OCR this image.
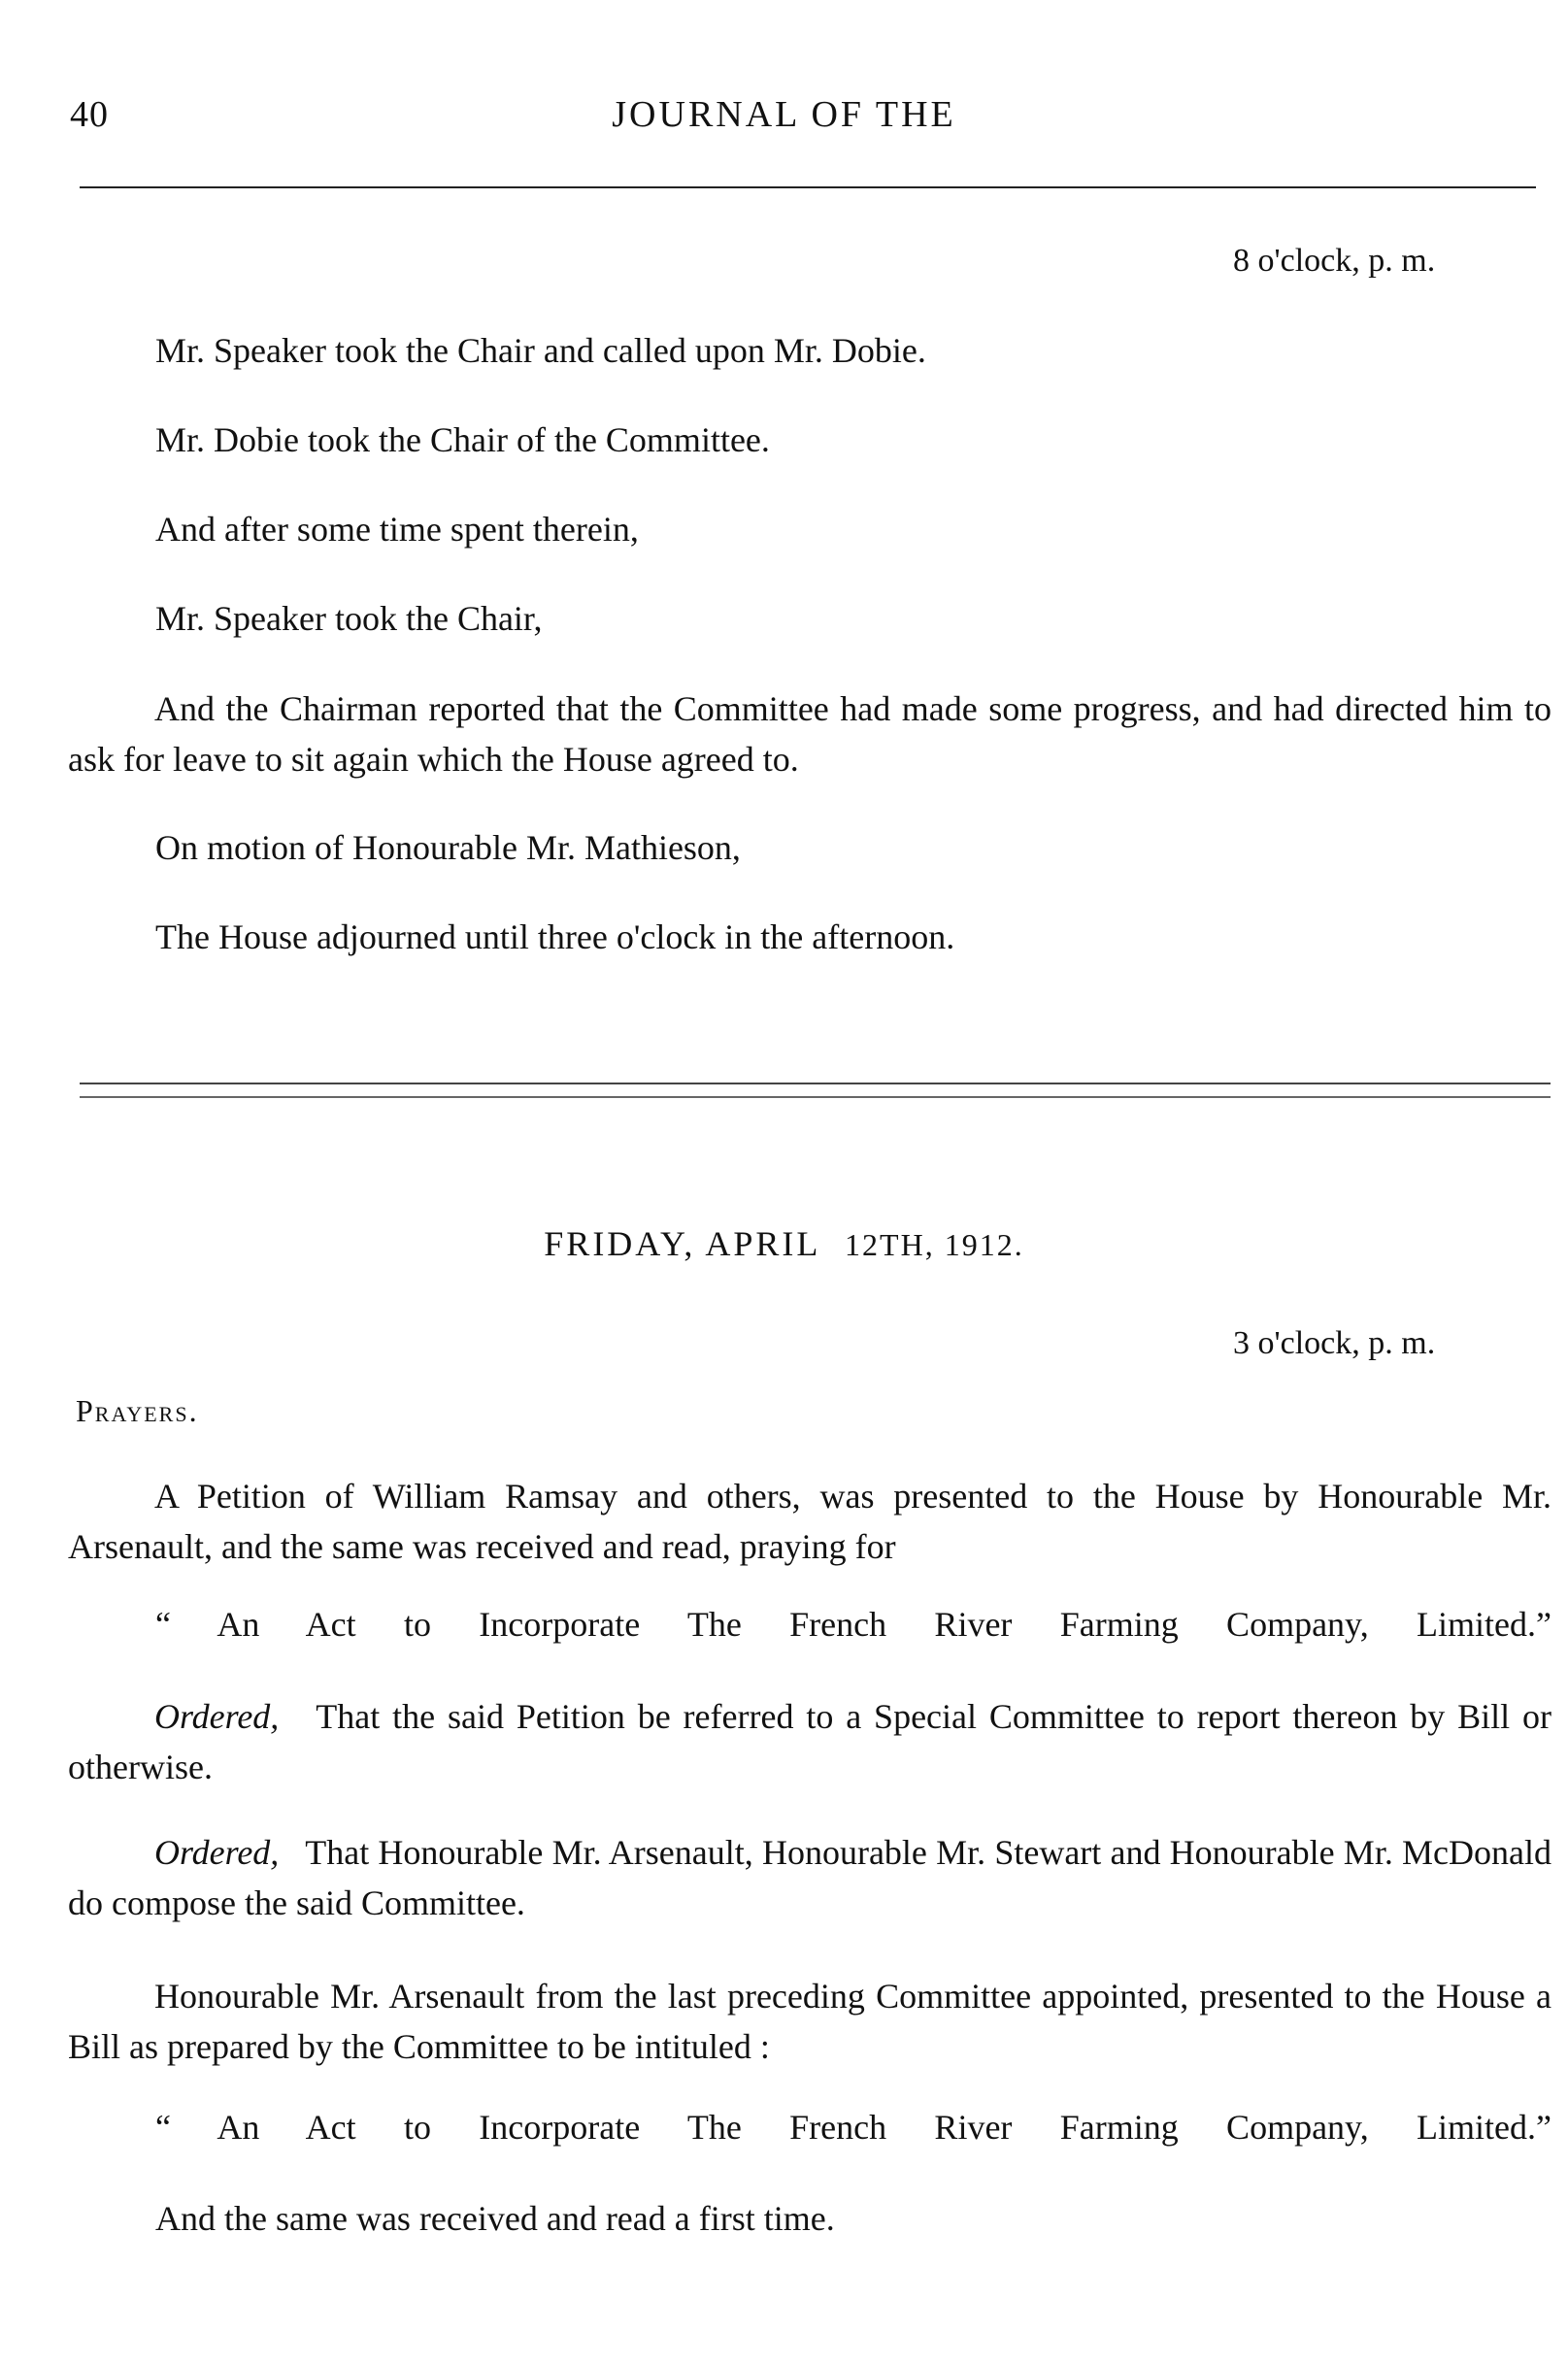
JOURNAL OF THE
40
8 o'clock, p. m.
Mr. Speaker took the Chair and called upon Mr. Dobie.
Mr. Dobie took the Chair of the Committee.
And after some time spent therein,
Mr. Speaker took the Chair,
And the Chairman reported that the Committee had made some progress, and had directed him to ask for leave to sit again which the House agreed to.
On motion of Honourable Mr. Mathieson,
The House adjourned until three o'clock in the afternoon.
FRIDAY, APRIL 12TH, 1912.
3 o'clock, p. m.
Prayers.
A Petition of William Ramsay and others, was presented to the House by Honourable Mr. Arsenault, and the same was received and read, praying for
“ An Act to Incorporate The French River Farming Company, Limited.”
Ordered, That the said Petition be referred to a Special Committee to report thereon by Bill or otherwise.
Ordered, That Honourable Mr. Arsenault, Honourable Mr. Stewart and Honourable Mr. McDonald do compose the said Committee.
Honourable Mr. Arsenault from the last preceding Committee appointed, presented to the House a Bill as prepared by the Committee to be intituled :
“ An Act to Incorporate The French River Farming Company, Limited.”
And the same was received and read a first time.
